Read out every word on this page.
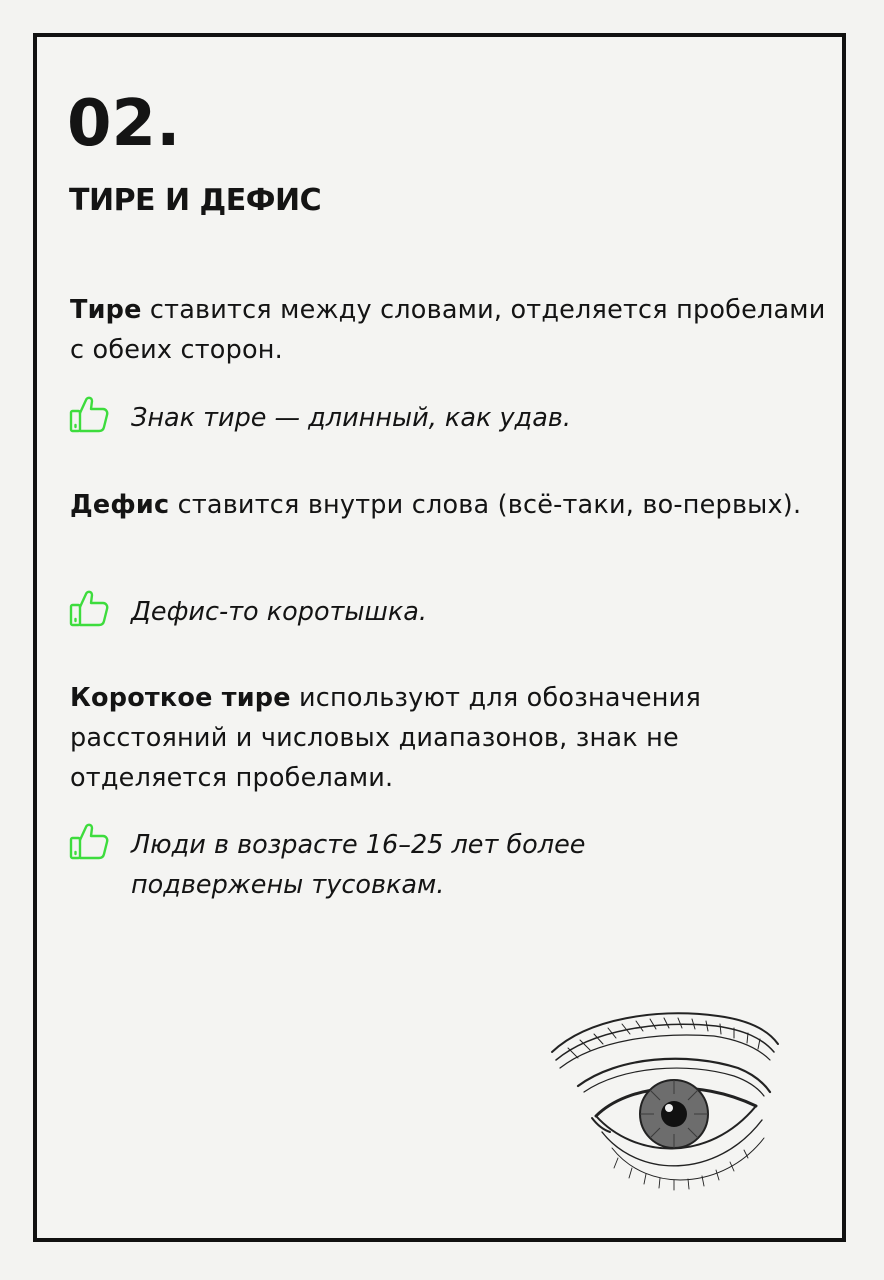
02.
ТИРЕ И ДЕФИС
Тире ставится между словами, отделяется пробелами с обеих сторон.
Знак тире — длинный, как удав.
Дефис ставится внутри слова (всё-таки, во-первых).
Дефис-то коротышка.
Короткое тире используют для обозначения расстояний и числовых диапазонов, знак не отделяется пробелами.
Люди в возрасте 16–25 лет более подвержены тусовкам.
